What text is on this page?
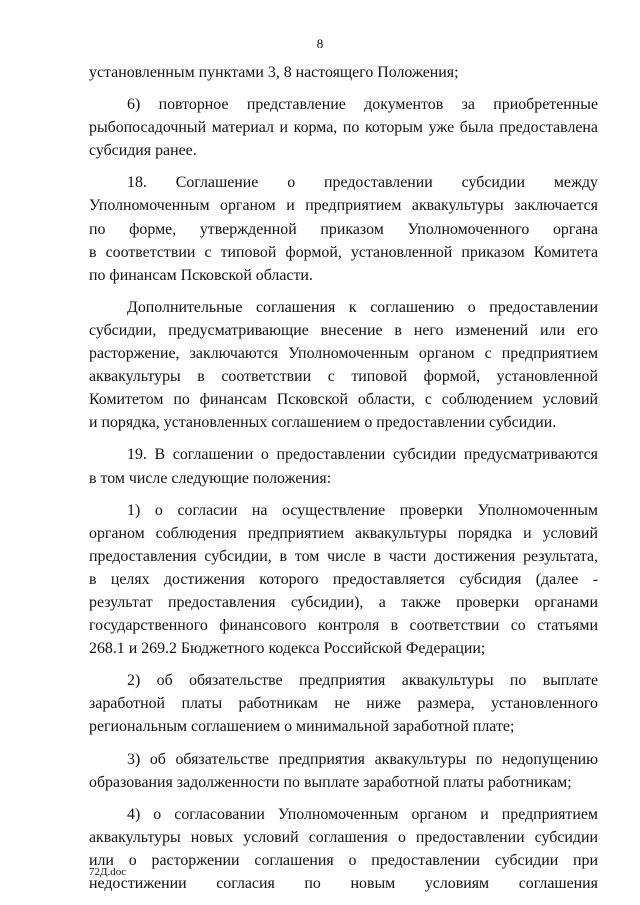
8
установленным пунктами 3, 8 настоящего Положения;
6) повторное представление документов за приобретенные
рыбопосадочный материал и корма, по которым уже была предоставлена
субсидия ранее.
18. Соглашение о предоставлении субсидии между
Уполномоченным органом и предприятием аквакультуры заключается
по форме, утвержденной приказом Уполномоченного органа
в соответствии с типовой формой, установленной приказом Комитета
по финансам Псковской области.
Дополнительные соглашения к соглашению о предоставлении
субсидии, предусматривающие внесение в него изменений или его
расторжение, заключаются Уполномоченным органом с предприятием
аквакультуры в соответствии с типовой формой, установленной
Комитетом по финансам Псковской области, с соблюдением условий
и порядка, установленных соглашением о предоставлении субсидии.
19. В соглашении о предоставлении субсидии предусматриваются
в том числе следующие положения:
1) о согласии на осуществление проверки Уполномоченным
органом соблюдения предприятием аквакультуры порядка и условий
предоставления субсидии, в том числе в части достижения результата,
в целях достижения которого предоставляется субсидия (далее -
результат предоставления субсидии), а также проверки органами
государственного финансового контроля в соответствии со статьями
268.1 и 269.2 Бюджетного кодекса Российской Федерации;
2) об обязательстве предприятия аквакультуры по выплате
заработной платы работникам не ниже размера, установленного
региональным соглашением о минимальной заработной плате;
3) об обязательстве предприятия аквакультуры по недопущению
образования задолженности по выплате заработной платы работникам;
4) о согласовании Уполномоченным органом и предприятием
аквакультуры новых условий соглашения о предоставлении субсидии
или о расторжении соглашения о предоставлении субсидии при
недостижении согласия по новым условиям соглашения
72Д.doc
